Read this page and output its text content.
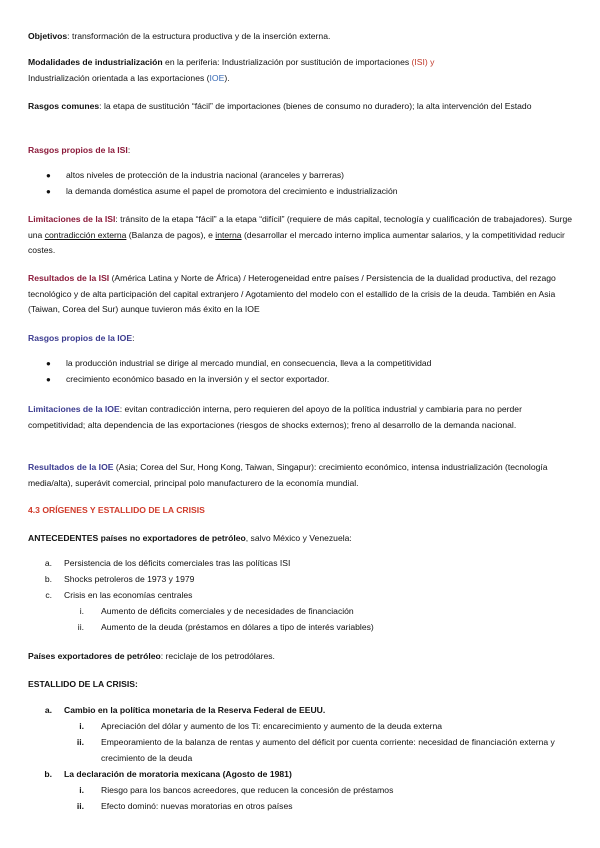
Objetivos: transformación de la estructura productiva y de la inserción externa.
Modalidades de industrialización en la periferia: Industrialización por sustitución de importaciones (ISI) y
Industrialización orientada a las exportaciones (IOE).
Rasgos comunes: la etapa de sustitución “fácil” de importaciones (bienes de consumo no duradero); la alta intervención del Estado
Rasgos propios de la ISI:
● altos niveles de protección de la industria nacional (aranceles y barreras)
● la demanda doméstica asume el papel de promotora del crecimiento e industrialización
Limitaciones de la ISI: tránsito de la etapa “fácil” a la etapa “difícil” (requiere de más capital, tecnología y cualificación de trabajadores). Surge una contradicción externa (Balanza de pagos), e interna (desarrollar el mercado interno implica aumentar salarios, y la competitividad reducir costes.
Resultados de la ISI (América Latina y Norte de África) / Heterogeneidad entre países / Persistencia de la dualidad productiva, del rezago tecnológico y de alta participación del capital extranjero / Agotamiento del modelo con el estallido de la crisis de la deuda. También en Asia (Taiwan, Corea del Sur) aunque tuvieron más éxito en la IOE
Rasgos propios de la IOE:
● la producción industrial se dirige al mercado mundial, en consecuencia, lleva a la competitividad
● crecimiento económico basado en la inversión y el sector exportador.
Limitaciones de la IOE: evitan contradicción interna, pero requieren del apoyo de la política industrial y cambiaria para no perder competitividad; alta dependencia de las exportaciones (riesgos de shocks externos); freno al desarrollo de la demanda nacional.
Resultados de la IOE (Asia; Corea del Sur, Hong Kong, Taiwan, Singapur): crecimiento económico, intensa industrialización (tecnología media/alta), superávit comercial, principal polo manufacturero de la economía mundial.
4.3 ORÍGENES Y ESTALLIDO DE LA CRISIS
ANTECEDENTES países no exportadores de petróleo, salvo México y Venezuela:
a. Persistencia de los déficits comerciales tras las políticas ISI
b. Shocks petroleros de 1973 y 1979
c. Crisis en las economías centrales
i. Aumento de déficits comerciales y de necesidades de financiación
ii. Aumento de la deuda (préstamos en dólares a tipo de interés variables)
Países exportadores de petróleo: reciclaje de los petrodólares.
ESTALLIDO DE LA CRISIS:
a. Cambio en la política monetaria de la Reserva Federal de EEUU.
i. Apreciación del dólar y aumento de los Ti: encarecimiento y aumento de la deuda externa
ii. Empeoramiento de la balanza de rentas y aumento del déficit por cuenta corriente: necesidad de financiación externa y crecimiento de la deuda
b. La declaración de moratoria mexicana (Agosto de 1981)
i. Riesgo para los bancos acreedores, que reducen la concesión de préstamos
ii. Efecto dominó: nuevas moratorias en otros países
